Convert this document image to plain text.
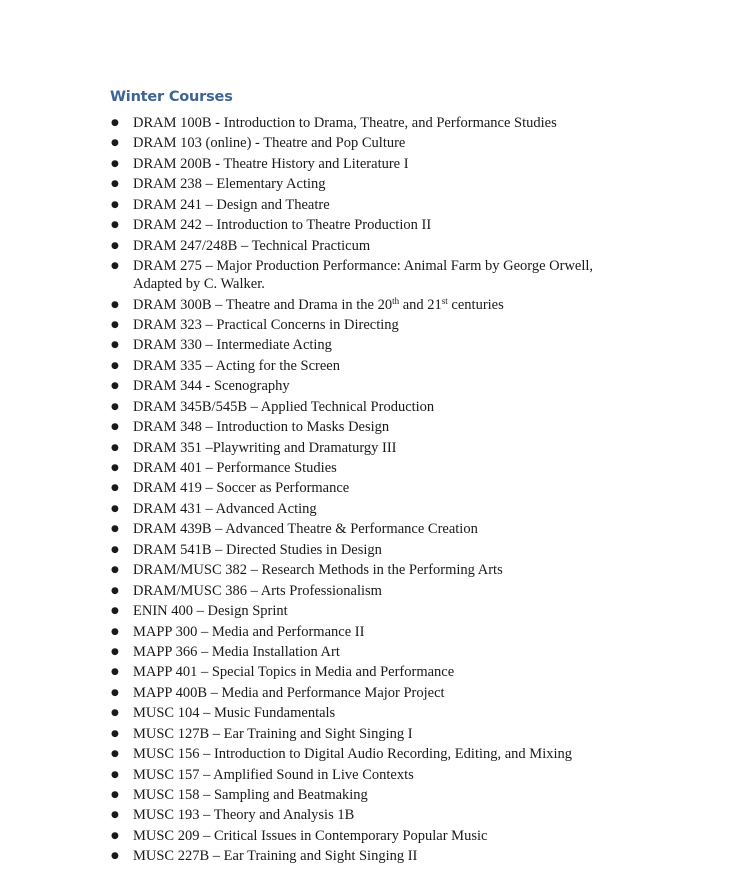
Winter Courses
● DRAM 100B - Introduction to Drama, Theatre, and Performance Studies
● DRAM 103 (online) - Theatre and Pop Culture
● DRAM 200B - Theatre History and Literature I
● DRAM 238 – Elementary Acting
● DRAM 241 – Design and Theatre
● DRAM 242 – Introduction to Theatre Production II
● DRAM 247/248B – Technical Practicum
● DRAM 275 – Major Production Performance: Animal Farm by George Orwell, Adapted by C. Walker.
● DRAM 300B – Theatre and Drama in the 20th and 21st centuries
● DRAM 323 – Practical Concerns in Directing
● DRAM 330 – Intermediate Acting
● DRAM 335 – Acting for the Screen
● DRAM 344 - Scenography
● DRAM 345B/545B – Applied Technical Production
● DRAM 348 – Introduction to Masks Design
● DRAM 351 –Playwriting and Dramaturgy III
● DRAM 401 – Performance Studies
● DRAM 419 – Soccer as Performance
● DRAM 431 – Advanced Acting
● DRAM 439B – Advanced Theatre & Performance Creation
● DRAM 541B – Directed Studies in Design
● DRAM/MUSC 382 – Research Methods in the Performing Arts
● DRAM/MUSC 386 – Arts Professionalism
● ENIN 400 – Design Sprint
● MAPP 300 – Media and Performance II
● MAPP 366 – Media Installation Art
● MAPP 401 – Special Topics in Media and Performance
● MAPP 400B – Media and Performance Major Project
● MUSC 104 – Music Fundamentals
● MUSC 127B – Ear Training and Sight Singing I
● MUSC 156 – Introduction to Digital Audio Recording, Editing, and Mixing
● MUSC 157 – Amplified Sound in Live Contexts
● MUSC 158 – Sampling and Beatmaking
● MUSC 193 – Theory and Analysis 1B
● MUSC 209 – Critical Issues in Contemporary Popular Music
● MUSC 227B – Ear Training and Sight Singing II
